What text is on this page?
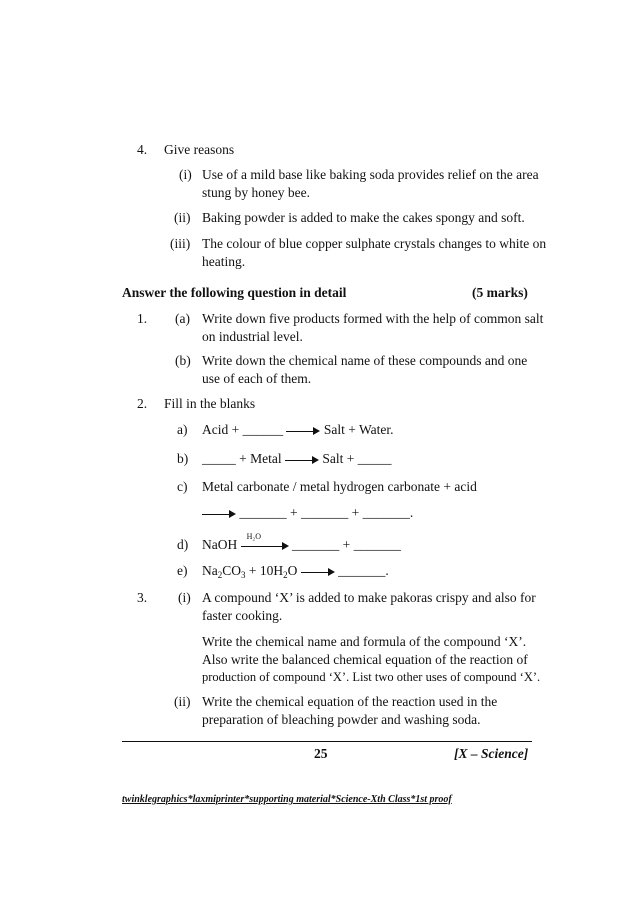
4. Give reasons
(i) Use of a mild base like baking soda provides relief on the area
stung by honey bee.
(ii) Baking powder is added to make the cakes spongy and soft.
(iii) The colour of blue copper sulphate crystals changes to white on
heating.
Answer the following question in detail	(5 marks)
1. (a) Write down five products formed with the help of common salt
on industrial level.
(b) Write down the chemical name of these compounds and one
use of each of them.
2. Fill in the blanks
a) Acid + ______	Salt + Water.
b) _____ + Metal	Salt + _____
c) Metal carbonate / metal hydrogen carbonate + acid
_______ + _______ + _______.
d) NaOH
H₂O
_______ + _______
e) $Na_2CO_3 + 10H_2O$	_______.
3. (i) A compound ‘X’ is added to make pakoras crispy and also for
faster cooking.
Write the chemical name and formula of the compound ‘X’.
Also write the balanced chemical equation of the reaction of
production of compound ‘X’. List two other uses of compound ‘X’.
(ii) Write the chemical equation of the reaction used in the
preparation of bleaching powder and washing soda.
25	[X – Science]
twinklegraphics*laxmiprinter*supporting material*Science-Xth Class*1st proof
